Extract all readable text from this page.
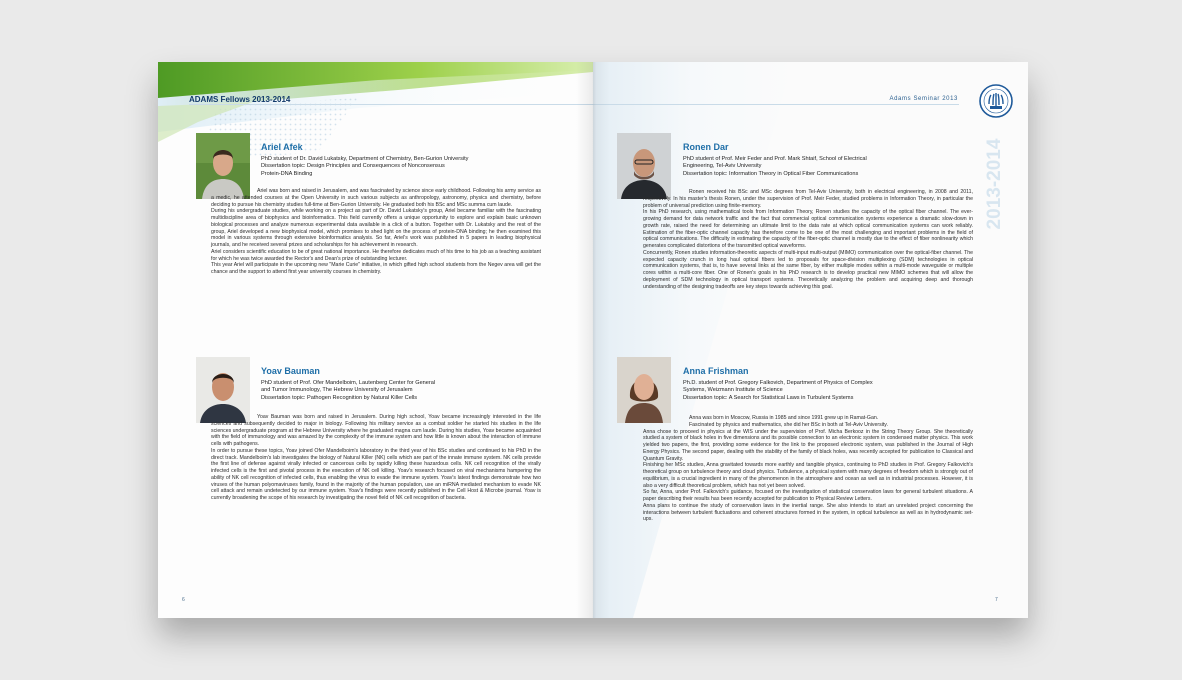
ADAMS Fellows 2013-2014
Ariel Afek
PhD student of Dr. David Lukatsky, Department of Chemistry, Ben-Gurion University
Dissertation topic: Design Principles and Consequences of Nonconsensus
Protein-DNA Binding

Ariel was born and raised in Jerusalem, and was fascinated by science since early childhood. Following his army service as a medic, he attended courses at the Open University in such various subjects as anthropology, astronomy, physics and chemistry, before deciding to pursue his chemistry studies full-time at Ben-Gurion University. He graduated both his BSc and MSc summa cum laude.

During his undergraduate studies, while working on a project as part of Dr. David Lukatsky's group, Ariel became familiar with the fascinating multidiscipline area of biophysics and bioinformatics. This field currently offers a unique opportunity to explore and explain basic unknown biological processes and analyze numerous experimental data available in a click of a button. Together with Dr. Lukatsky and the rest of the group, Ariel developed a new biophysical model, which promises to shed light on the process of protein-DNA binding; he then examined this model in various systems through extensive bioinformatics analysis. So far, Ariel's work was published in 5 papers in leading biophysical journals, and he received several prizes and scholarships for his achievement in research.

Ariel considers scientific education to be of great national importance. He therefore dedicates much of his time to his job as a teaching assistant for which he was twice awarded the Rector's and Dean's prize of outstanding lecturer.

This year Ariel will participate in the upcoming new "Marie Curie" initiative, in which gifted high school students from the Negev area will get the chance and the support to attend first year university courses in chemistry.

Yoav Bauman
PhD student of Prof. Ofer Mandelboim, Lautenberg Center for General
and Tumor Immunology, The Hebrew University of Jerusalem
Dissertation topic: Pathogen Recognition by Natural Killer Cells

Yoav Bauman was born and raised in Jerusalem. During high school, Yoav became increasingly interested in the life sciences and subsequently decided to major in biology. Following his military service as a combat soldier he started his studies in the life sciences undergraduate program at the Hebrew University where he graduated magna cum laude. During his studies, Yoav became acquainted with the field of immunology and was amazed by the complexity of the immune system and how little is known about the interaction of immune cells with pathogens.

In order to pursue these topics, Yoav joined Ofer Mandelboim's laboratory in the third year of his BSc studies and continued to his PhD in the direct track. Mandelboim's lab investigates the biology of Natural Killer (NK) cells which are part of the innate immune system. NK cells provide the first line of defense against virally infected or cancerous cells by rapidly killing these hazardous cells. NK cell recognition of the virally infected cells is the first and pivotal process in the execution of NK cell killing. Yoav's research focused on viral mechanisms hampering the ability of NK cell recognition of infected cells, thus enabling the virus to evade the immune system. Yoav's latest findings demonstrate how two viruses of the human polyomaviruses family, found in the majority of the human population, use an miRNA mediated mechanism to evade NK cell attack and remain undetected by our immune system. Yoav's findings were recently published in the Cell Host & Microbe journal. Yoav is currently broadening the scope of his research by investigating the novel field of NK cell recognition of bacteria.

6
Adams Seminar 2013
2013-2014
Ronen Dar
PhD student of Prof. Meir Feder and Prof. Mark Shtaif, School of Electrical
Engineering, Tel-Aviv University
Dissertation topic: Information Theory in Optical Fiber Communications

Ronen received his BSc and MSc degrees from Tel-Aviv University, both in electrical engineering, in 2008 and 2011, respectively. In his master's thesis Ronen, under the supervision of Prof. Meir Feder, studied problems in Information Theory, in particular the problem of universal prediction using finite-memory.

In his PhD research, using mathematical tools from Information Theory, Ronen studies the capacity of the optical fiber channel. The ever-growing demand for data network traffic and the fact that commercial optical communication systems experience a dramatic slow-down in growth rate, raised the need for determining an ultimate limit to the data rate at which optical communication systems can work reliably. Estimation of the fiber-optic channel capacity has therefore come to be one of the most challenging and important problems in the field of optical communications. The difficulty in estimating the capacity of the fiber-optic channel is mostly due to the effect of fiber nonlinearity which generates complicated distortions of the transmitted optical waveforms.

Concurrently, Ronen studies information-theoretic aspects of multi-input multi-output (MIMO) communication over the optical-fiber channel. The expected capacity crunch in long haul optical fibers led to proposals for space-division multiplexing (SDM) technologies in optical communication systems, that is, to have several links at the same fiber, by either multiple modes within a multi-mode waveguide or multiple cores within a multi-core fiber. One of Ronen's goals in his PhD research is to develop practical new MIMO schemes that will allow the deployment of SDM technology in optical transport systems. Theoretically analyzing the problem and acquiring deep and thorough understanding of the designing tradeoffs are key steps towards achieving this goal.

Anna Frishman
Ph.D. student of Prof. Gregory Falkovich, Department of Physics of Complex
Systems, Weizmann Institute of Science
Dissertation topic: A Search for Statistical Laws in Turbulent Systems

Anna was born in Moscow, Russia in 1985 and since 1991 grew up in Ramat-Gan.

Fascinated by physics and mathematics, she did her BSc in both at Tel-Aviv University.

Anna chose to proceed in physics at the WIS under the supervision of Prof. Micha Berkooz in the String Theory Group. She theoretically studied a system of black holes in five dimensions and its possible connection to an electronic system in condensed matter physics. This work yielded two papers, the first, providing some evidence for the link to the proposed electronic system, was published in the Journal of High Energy Physics. The second paper, dealing with the stability of the family of black holes, was recently accepted for publication to Classical and Quantum Gravity.

Finishing her MSc studies, Anna gravitated towards more earthly and tangible physics, continuing to PhD studies in Prof. Gregory Falkovich's theoretical group on turbulence theory and cloud physics. Turbulence, a physical system with many degrees of freedom which is strongly out of equilibrium, is a crucial ingredient in many of the phenomenon in the atmosphere and ocean as well as in industrial processes. However, it is also a very difficult theoretical problem, which has not yet been solved.

So far, Anna, under Prof. Falkovich's guidance, focused on the investigation of statistical conservation laws for general turbulent situations. A paper describing their results has been recently accepted for publication to Physical Review Letters.

Anna plans to continue the study of conservation laws in the inertial range. She also intends to start an unrelated project concerning the interactions between turbulent fluctuations and coherent structures formed in the system, in optical turbulence as well as in hydrodynamic set-ups.

7
